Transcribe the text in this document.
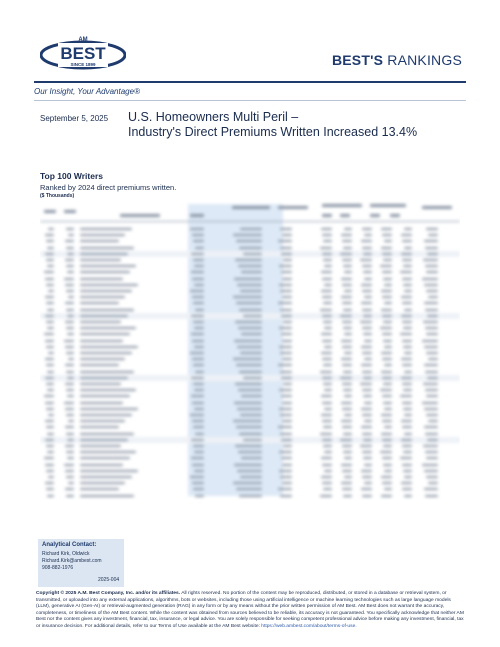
AM
BEST
SINCE 1899	BEST'S RANKINGS
Our Insight, Your Advantage®
September 5, 2025 U.S. Homeowners Multi Peril –
Industry's Direct Premiums Written Increased 13.4%
Top 100 Writers
Ranked by 2024 direct premiums written.
($ Thousands)
Analytical Contact:
Richard Kirk, Oldwick
Richard.Kirk@ambest.com
908-882-1976
2025-004
Copyright © 2025 A.M. Best Company, Inc. and/or its affiliates. All rights reserved. No portion of the content may be reproduced, distributed, or stored in a database or retrieval system, or transmitted, or uploaded into any external applications, algorithms, bots or websites, including those using artificial intelligence or machine learning technologies such as large language models (LLM), generative AI (Gen-AI) or retrieval-augmented generation (RAG) in any form or by any means without the prior written permission of AM Best. AM Best does not warrant the accuracy, completeness, or timeliness of the AM Best content. While the content was obtained from sources believed to be reliable, its accuracy is not guaranteed. You specifically acknowledge that neither AM Best nor the content gives any investment, financial, tax, insurance, or legal advice. You are solely responsible for seeking competent professional advice before making any investment, financial, tax or insurance decision. For additional details, refer to our Terms of Use available at the AM Best website: https://web.ambest.com/about/terms-of-use.
